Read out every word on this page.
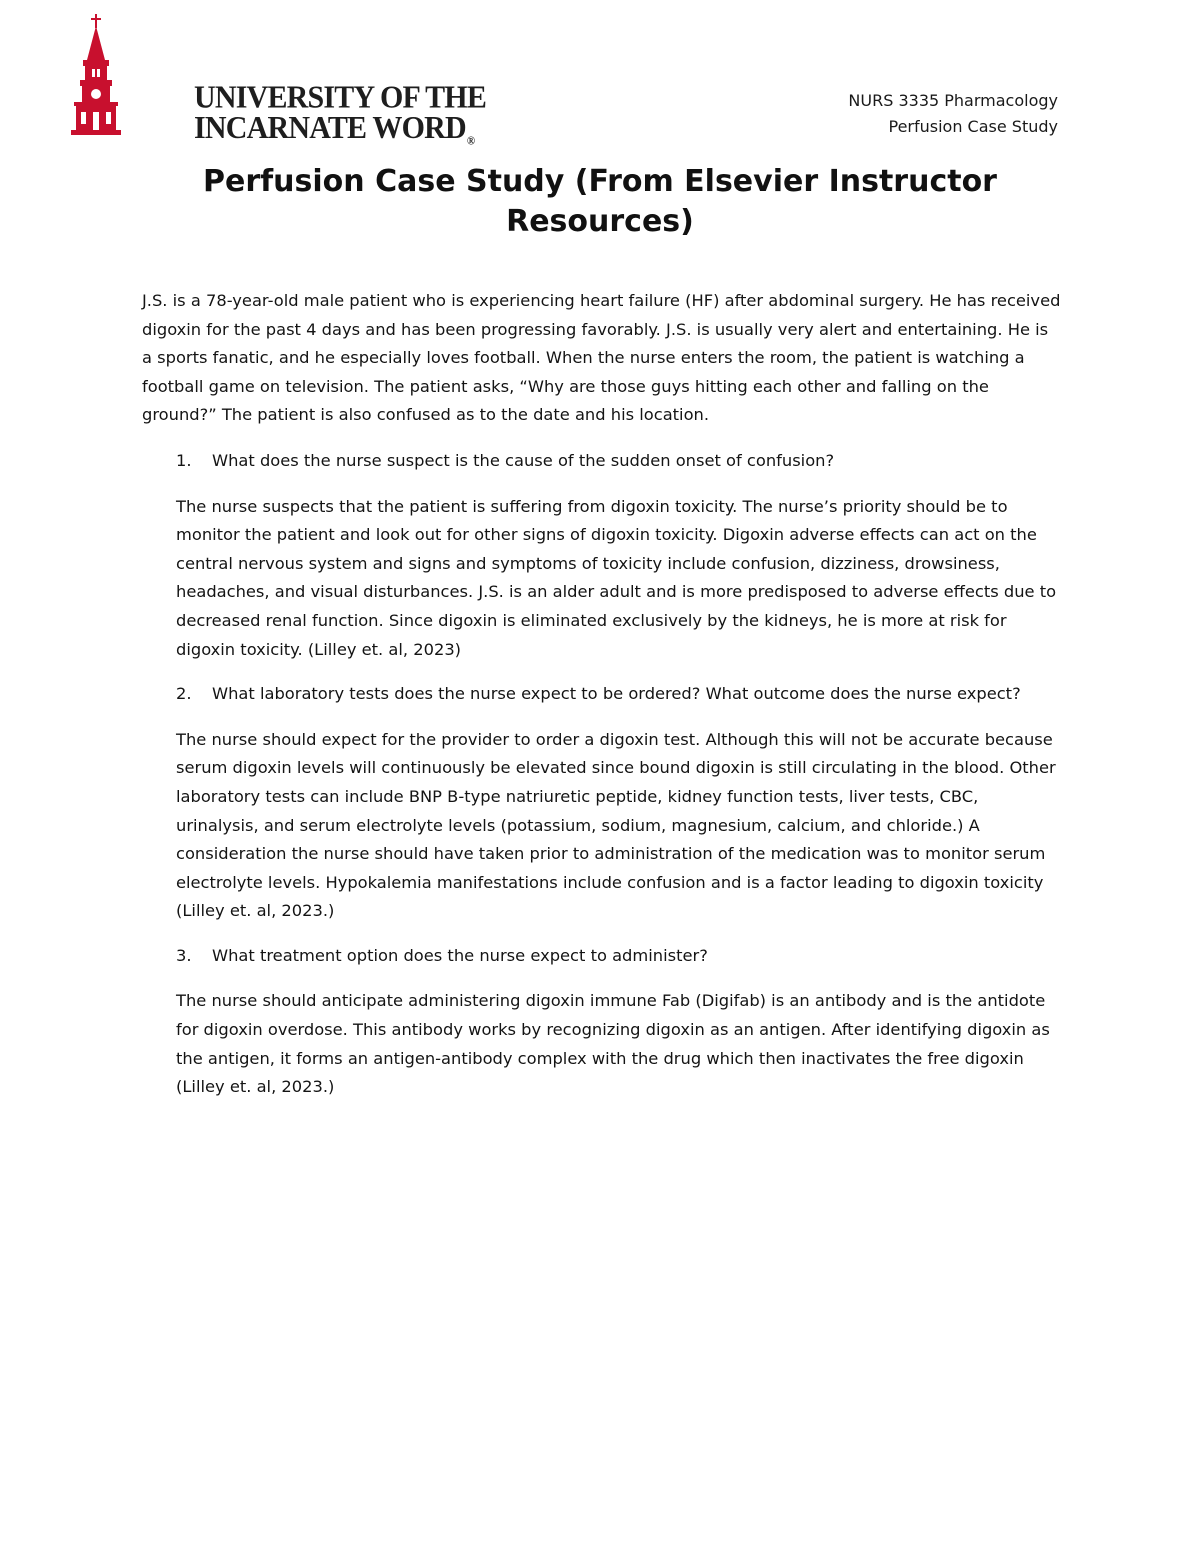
UNIVERSITY OF THE
INCARNATE $WORD_®$
NURS 3335 Pharmacology
Perfusion Case Study
Perfusion Case Study (From Elsevier Instructor Resources)

J.S. is a 78-year-old male patient who is experiencing heart failure (HF) after abdominal surgery. He has received digoxin for the past 4 days and has been progressing favorably. J.S. is usually very alert and entertaining. He is a sports fanatic, and he especially loves football. When the nurse enters the room, the patient is watching a football game on television. The patient asks, “Why are those guys hitting each other and falling on the ground?” The patient is also confused as to the date and his location.

1. What does the nurse suspect is the cause of the sudden onset of confusion?

The nurse suspects that the patient is suffering from digoxin toxicity. The nurse’s priority should be to monitor the patient and look out for other signs of digoxin toxicity. Digoxin adverse effects can act on the central nervous system and signs and symptoms of toxicity include confusion, dizziness, drowsiness, headaches, and visual disturbances. J.S. is an alder adult and is more predisposed to adverse effects due to decreased renal function. Since digoxin is eliminated exclusively by the kidneys, he is more at risk for digoxin toxicity. (Lilley et. al, 2023)

2. What laboratory tests does the nurse expect to be ordered? What outcome does the nurse expect?

The nurse should expect for the provider to order a digoxin test. Although this will not be accurate because serum digoxin levels will continuously be elevated since bound digoxin is still circulating in the blood. Other laboratory tests can include BNP B-type natriuretic peptide, kidney function tests, liver tests, CBC, urinalysis, and serum electrolyte levels (potassium, sodium, magnesium, calcium, and chloride.) A consideration the nurse should have taken prior to administration of the medication was to monitor serum electrolyte levels. Hypokalemia manifestations include confusion and is a factor leading to digoxin toxicity (Lilley et. al, 2023.)

3. What treatment option does the nurse expect to administer?

The nurse should anticipate administering digoxin immune Fab (Digifab) is an antibody and is the antidote for digoxin overdose. This antibody works by recognizing digoxin as an antigen. After identifying digoxin as the antigen, it forms an antigen-antibody complex with the drug which then inactivates the free digoxin (Lilley et. al, 2023.)
